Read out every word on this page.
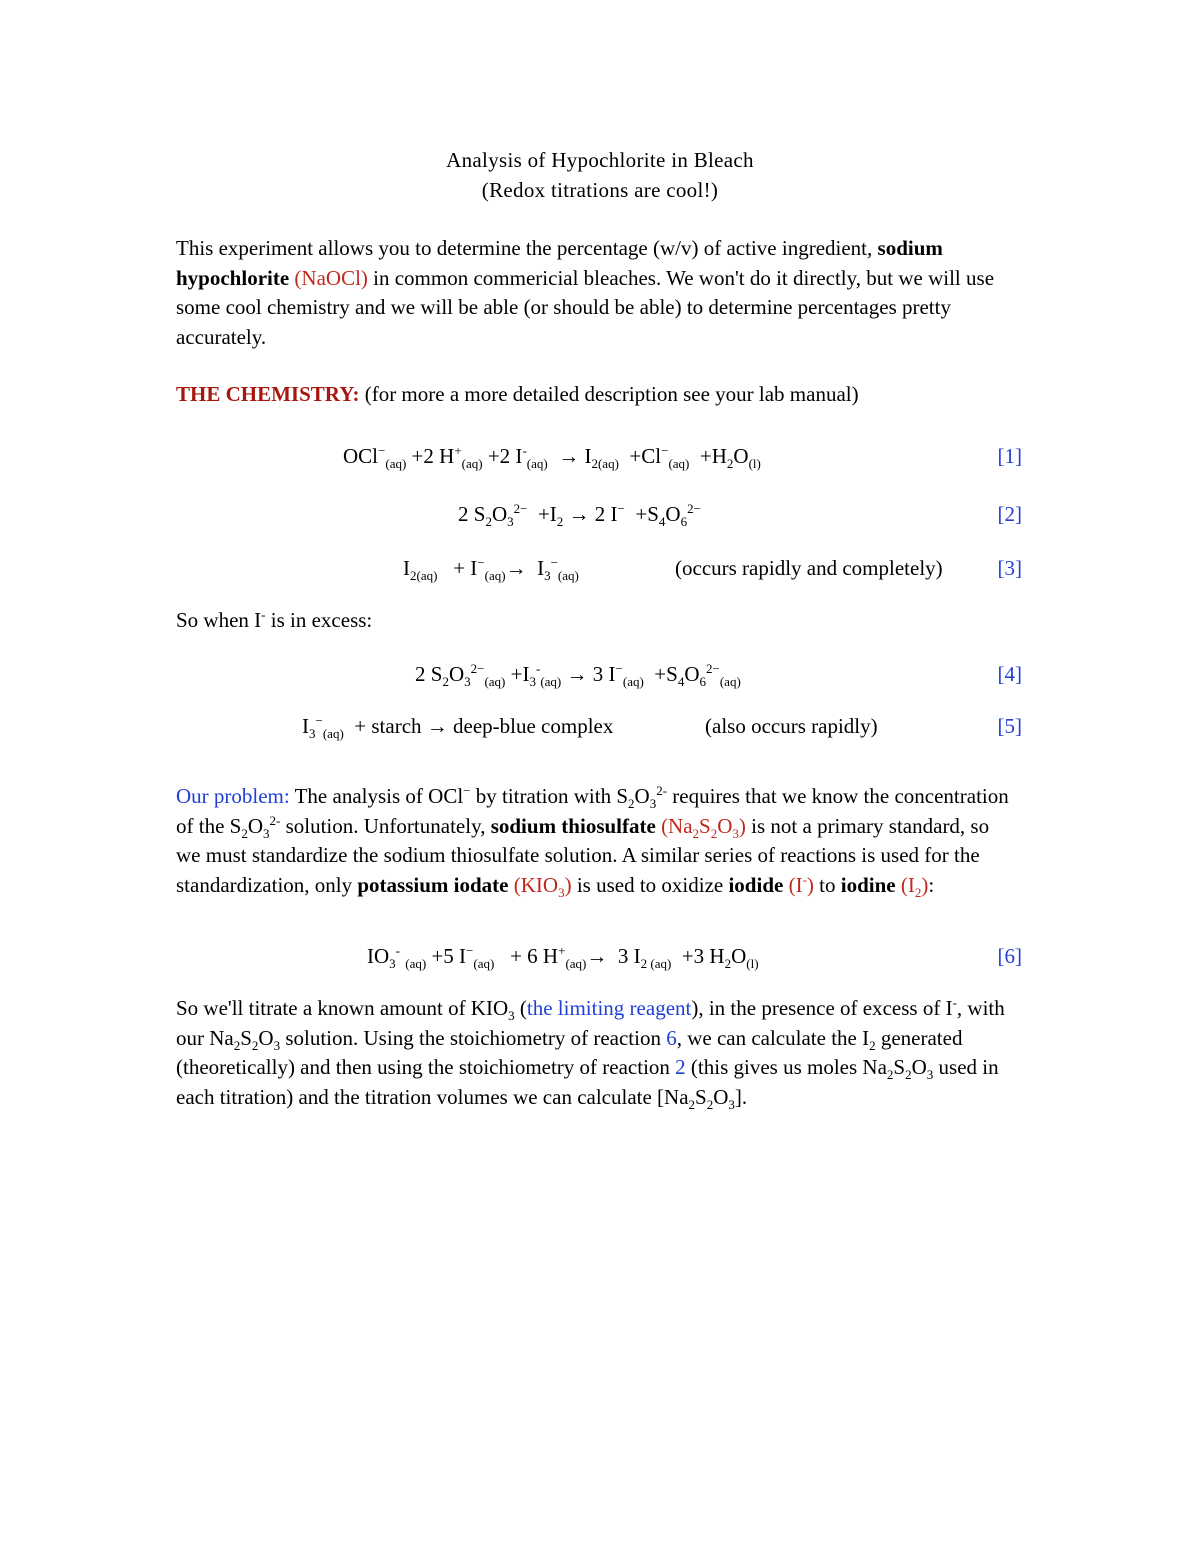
Analysis of Hypochlorite in Bleach
(Redox titrations are cool!)
This experiment allows you to determine the percentage (w/v) of active ingredient, sodium hypochlorite (NaOCl) in common commericial bleaches. We won't do it directly, but we will use some cool chemistry and we will be able (or should be able) to determine percentages pretty accurately.
THE CHEMISTRY: (for more a more detailed description see your lab manual)
OCl−$_{(aq)}$ +2 $H^+_{(aq)} +2$ $I^-_{(aq)} \to I_{2(aq)} +Cl^-_{(aq)} +H_2O_{(l)}$	[1]
2 $S_2O_3^{2-} +I_2 \to 2$ $I^- +S_4O_6^{2-}$	[2]
$I_{2(aq)} + I^-_{(aq)}\to I_3^-_{(aq)}$	(occurs rapidly and completely)	[3]
So when I- is in excess:
2 $S_2O_3^{2-}_{(aq)} +I_3^-_{(aq)} \to 3$ $I^-_{(aq)} +S_4O_6^{2-}_{(aq)}$	[4]
$I_3^-_{(aq)}$ + starch → deep-blue complex	(also occurs rapidly)	[5]
Our problem: The analysis of OCl− by titration with $S_2O_3^{2-}$ requires that we know the concentration of the $S_2O_3^{2-}$ solution. Unfortunately, sodium thiosulfate $(Na_2S_2O_3)$ is not a primary standard, so we must standardize the sodium thiosulfate solution. A similar series of reactions is used for the standardization, only potassium iodate $(KIO_3)$ is used to oxidize iodide (I-) to iodine $(I_2)$:
$IO_3^-$ $_{(aq)}$ +5 $I^-_{(aq)} + 6$ $H^+_{(aq)}\to 3$ $I_{2 (aq)} +3$ $H_2O_{(l)}$	[6]
So we'll titrate a known amount of $KIO_3$ (the limiting reagent), in the presence of excess of I-, with our $Na_2S_2O_3$ solution. Using the stoichiometry of reaction 6, we can calculate the $I_2$ generated (theoretically) and then using the stoichiometry of reaction 2 (this gives us moles $Na_2S_2O_3$ used in each titration) and the titration volumes we can calculate $[Na_2S_2O_3]$.
